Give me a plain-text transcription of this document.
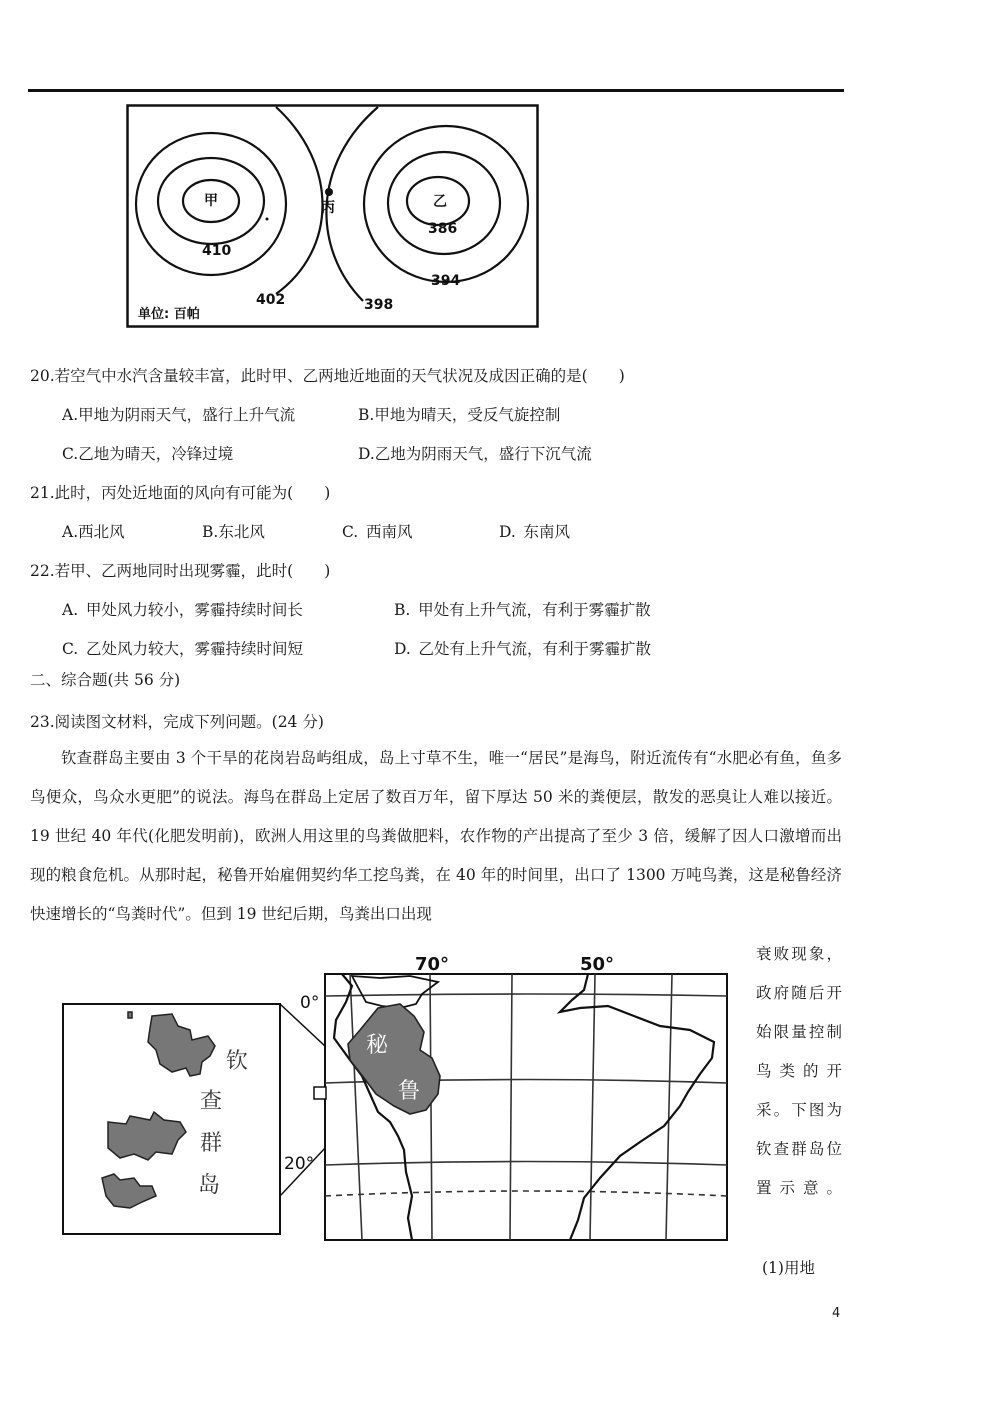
甲	乙
丙
410
402	398
386
394
单位: 百帕
20.若空气中水汽含量较丰富，此时甲、乙两地近地面的天气状况及成因正确的是(　　)
A.甲地为阴雨天气，盛行上升气流	B.甲地为晴天，受反气旋控制
C.乙地为晴天，冷锋过境	D.乙地为阴雨天气，盛行下沉气流
21.此时，丙处近地面的风向有可能为(　　)
A.西北风	B.东北风	C. 西南风	D. 东南风
22.若甲、乙两地同时出现雾霾，此时(　　)
A. 甲处风力较小，雾霾持续时间长	B. 甲处有上升气流，有利于雾霾扩散
C. 乙处风力较大，雾霾持续时间短	D. 乙处有上升气流，有利于雾霾扩散
二、综合题(共 56 分)
23.阅读图文材料，完成下列问题。(24 分)
钦查群岛主要由 3 个干旱的花岗岩岛屿组成，岛上寸草不生，唯一“居民”是海鸟，附近流传有“水肥必有鱼，鱼多鸟便众，鸟众水更肥”的说法。海鸟在群岛上定居了数百万年，留下厚达 50 米的粪便层，散发的恶臭让人难以接近。19 世纪 40 年代(化肥发明前)，欧洲人用这里的鸟粪做肥料，农作物的产出提高了至少 3 倍，缓解了因人口激增而出现的粮食危机。从那时起，秘鲁开始雇佣契约华工挖鸟粪，在 40 年的时间里，出口了 1300 万吨鸟粪，这是秘鲁经济快速增长的“鸟粪时代”。但到 19 世纪后期，鸟粪出口出现
衰败现象，政府随后开始限量控制鸟类的开采。下图为钦查群岛位置示意。
(1)用地
钦
查
群
岛
秘
鲁
70°	50°
0°
20°
4
